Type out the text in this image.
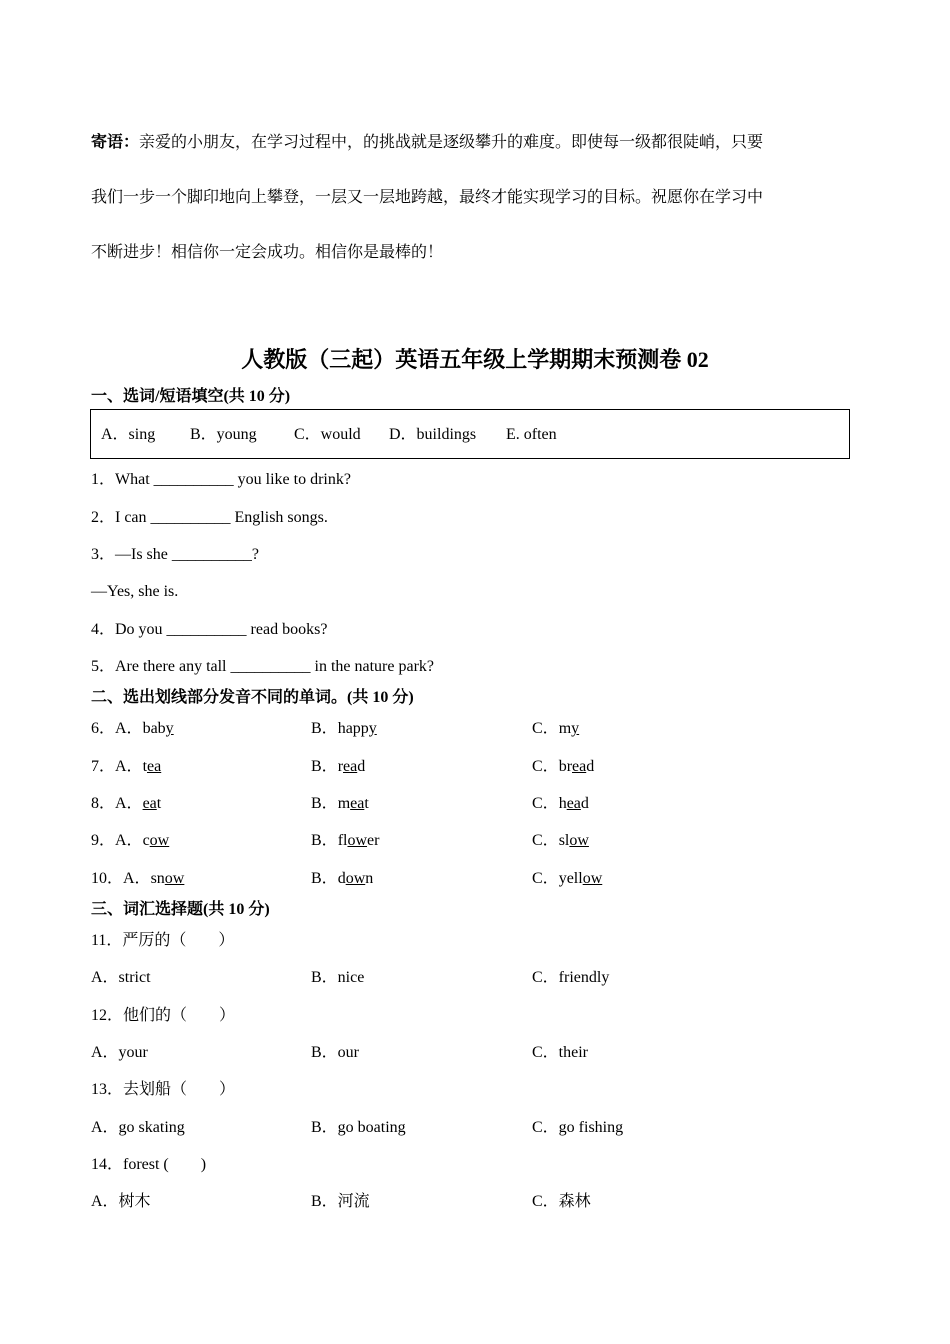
寄语：亲爱的小朋友，在学习过程中，的挑战就是逐级攀升的难度。即使每一级都很陡峭，只要
我们一步一个脚印地向上攀登，一层又一层地跨越，最终才能实现学习的目标。祝愿你在学习中
不断进步！相信你一定会成功。相信你是最棒的！
人教版（三起）英语五年级上学期期末预测卷 02
一、选词/短语填空(共 10 分)
A．sing B．young C．would D．buildings E. often
1．What __________ you like to drink?
2．I can __________ English songs.
3．—Is she __________?
—Yes, she is.
4．Do you __________ read books?
5．Are there any tall __________ in the nature park?
二、选出划线部分发音不同的单词。(共 10 分)
6．A．baby	B．happy	C．my
7．A．tea	B．read	C．bread
8．A．eat	B．meat	C．head
9．A．cow	B．flower	C．slow
10．A．snow	B．down	C．yellow
三、词汇选择题(共 10 分)
11．严厉的（　　）
A．strict	B．nice	C．friendly
12．他们的（　　）
A．your	B．our	C．their
13．去划船（　　）
A．go skating	B．go boating	C．go fishing
14．forest (　　)
A．树木	B．河流	C．森林
